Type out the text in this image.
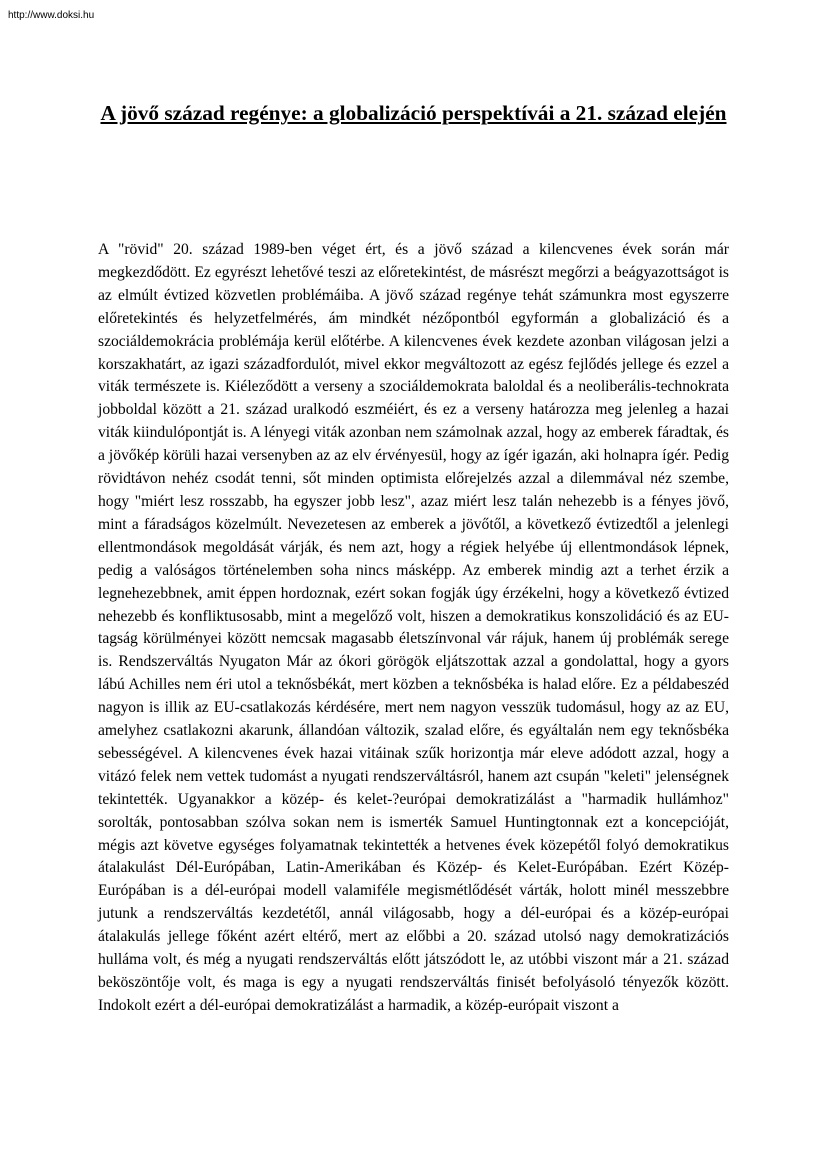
http://www.doksi.hu
A jövő század regénye: a globalizáció perspektívái a 21. század elején

A "rövid" 20. század 1989-ben véget ért, és a jövő század a kilencvenes évek során már megkezdődött. Ez egyrészt lehetővé teszi az előretekintést, de másrészt megőrzi a beágyazottságot is az elmúlt évtized közvetlen problémáiba. A jövő század regénye tehát számunkra most egyszerre előretekintés és helyzetfelmérés, ám mindkét nézőpontból egyformán a globalizáció és a szociáldemokrácia problémája kerül előtérbe. A kilencvenes évek kezdete azonban világosan jelzi a korszakhatárt, az igazi századfordulót, mivel ekkor megváltozott az egész fejlődés jellege és ezzel a viták természete is. Kiéleződött a verseny a szociáldemokrata baloldal és a neoliberális-technokrata jobboldal között a 21. század uralkodó eszméiért, és ez a verseny határozza meg jelenleg a hazai viták kiindulópontját is. A lényegi viták azonban nem számolnak azzal, hogy az emberek fáradtak, és a jövőkép körüli hazai versenyben az az elv érvényesül, hogy az ígér igazán, aki holnapra ígér. Pedig rövidtávon nehéz csodát tenni, sőt minden optimista előrejelzés azzal a dilemmával néz szembe, hogy "miért lesz rosszabb, ha egyszer jobb lesz", azaz miért lesz talán nehezebb is a fényes jövő, mint a fáradságos közelmúlt. Nevezetesen az emberek a jövőtől, a következő évtizedtől a jelenlegi ellentmondások megoldását várják, és nem azt, hogy a régiek helyébe új ellentmondások lépnek, pedig a valóságos történelemben soha nincs másképp. Az emberek mindig azt a terhet érzik a legnehezebbnek, amit éppen hordoznak, ezért sokan fogják úgy érzékelni, hogy a következő évtized nehezebb és konfliktusosabb, mint a megelőző volt, hiszen a demokratikus konszolidáció és az EU-tagság körülményei között nemcsak magasabb életszínvonal vár rájuk, hanem új problémák serege is. Rendszerváltás Nyugaton Már az ókori görögök eljátszottak azzal a gondolattal, hogy a gyors lábú Achilles nem éri utol a teknősbékát, mert közben a teknősbéka is halad előre. Ez a példabeszéd nagyon is illik az EU-csatlakozás kérdésére, mert nem nagyon vesszük tudomásul, hogy az az EU, amelyhez csatlakozni akarunk, állandóan változik, szalad előre, és egyáltalán nem egy teknősbéka sebességével. A kilencvenes évek hazai vitáinak szűk horizontja már eleve adódott azzal, hogy a vitázó felek nem vettek tudomást a nyugati rendszerváltásról, hanem azt csupán "keleti" jelenségnek tekintették. Ugyanakkor a közép- és kelet-?európai demokratizálást a "harmadik hullámhoz" sorolták, pontosabban szólva sokan nem is ismerték Samuel Huntingtonnak ezt a koncepcióját, mégis azt követve egységes folyamatnak tekintették a hetvenes évek közepétől folyó demokratikus átalakulást Dél-Európában, Latin-Amerikában és Közép- és Kelet-Európában. Ezért Közép-Európában is a dél-európai modell valamiféle megismétlődését várták, holott minél messzebbre jutunk a rendszerváltás kezdetétől, annál világosabb, hogy a dél-európai és a közép-európai átalakulás jellege főként azért eltérő, mert az előbbi a 20. század utolsó nagy demokratizációs hulláma volt, és még a nyugati rendszerváltás előtt játszódott le, az utóbbi viszont már a 21. század beköszöntője volt, és maga is egy a nyugati rendszerváltás finisét befolyásoló tényezők között. Indokolt ezért a dél-európai demokratizálást a harmadik, a közép-európait viszont a
